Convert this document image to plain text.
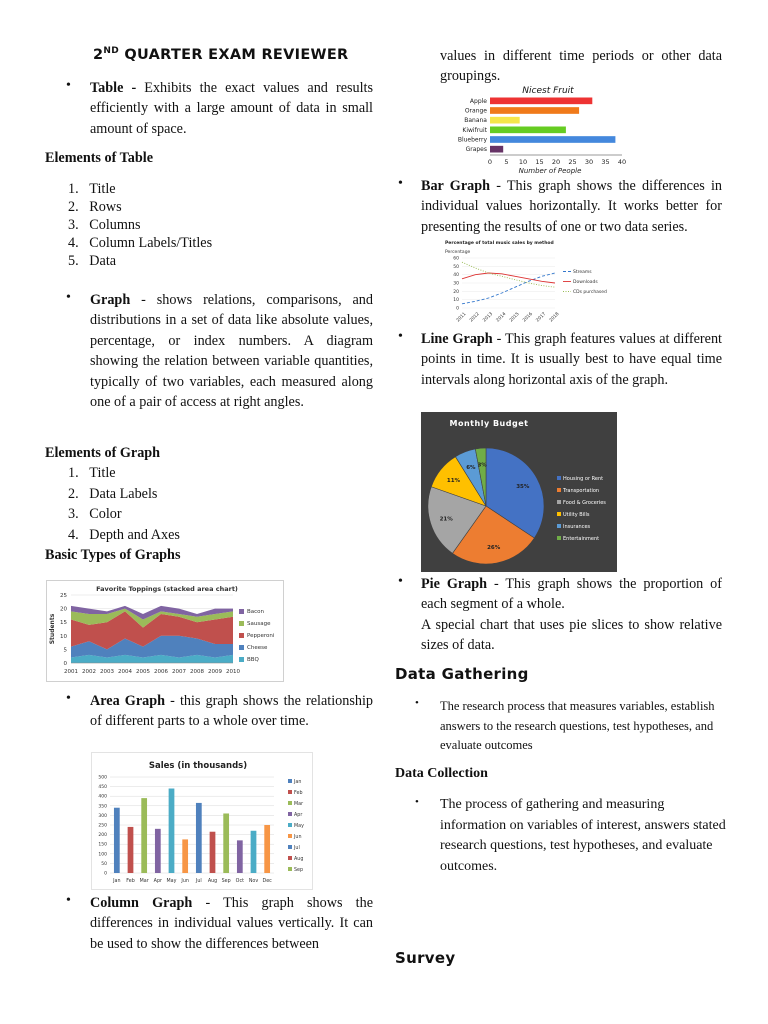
2ND QUARTER EXAM REVIEWER
• Table - Exhibits the exact values and results efficiently with a large amount of data in small amount of space.
Elements of Table
1.   Title
2.   Rows
3.   Columns
4.   Column Labels/Titles
5.   Data
• Graph - shows relations, comparisons, and distributions in a set of data like absolute values, percentage, or index numbers. A diagram showing the relation between variable quantities, typically of two variables, each measured along one of a pair of access at right angles.
Elements of Graph
1.   Title
2.   Data Labels
3.   Color
4.   Depth and Axes
Basic Types of Graphs
Favorite Toppings (stacked area chart)
Students
0
5
10
15
20
25
BBQ
Cheese
Pepperoni
Sausage
Bacon
2001 2002 2003 2004 2005 2006 2007 2008 2009 2010
• Area Graph - this graph shows the relationship of different parts to a whole over time.
Sales (in thousands)
0
50
100
150
200
250
300
350
400
450
500
Jan Feb Mar Apr May Jun Jul Aug Sep Oct Nov Dec
Jan
Feb
Mar
Apr
May
Jun
Jul
Aug
Sep
• Column Graph - This graph shows the differences in individual values vertically. It can be used to show the differences between
values in different time periods or other data groupings.
Nicest Fruit
Apple
Orange
Banana
Kiwifruit
Blueberry
Grapes
0 5 10 15 20 25 30 35 40
Number of People
• Bar Graph - This graph shows the differences in individual values horizontally. It works better for presenting the results of one or two data series.
Percentage of total music sales by method
Percentage
0
10
20
30
40
50
60
Streams
Downloads
CDs purchased
2011 2012 2013 2014 2015 2016 2017 2018
• Line Graph - This graph features values at different points in time. It is usually best to have equal time intervals along horizontal axis of the graph.
Monthly Budget
35%
26%
21%
11%
6% 3%
Housing or Rent
Transportation
Food & Groceries
Utility Bills
Insurances
Entertainment
• Pie Graph - This graph shows the proportion of each segment of a whole.
A special chart that uses pie slices to show relative sizes of data.
Data Gathering
• The research process that measures variables, establish answers to the research questions, test hypotheses, and evaluate outcomes
Data Collection
• The process of gathering and measuring information on variables of interest, answers stated research questions, test hypotheses, and evaluate outcomes.
Survey
